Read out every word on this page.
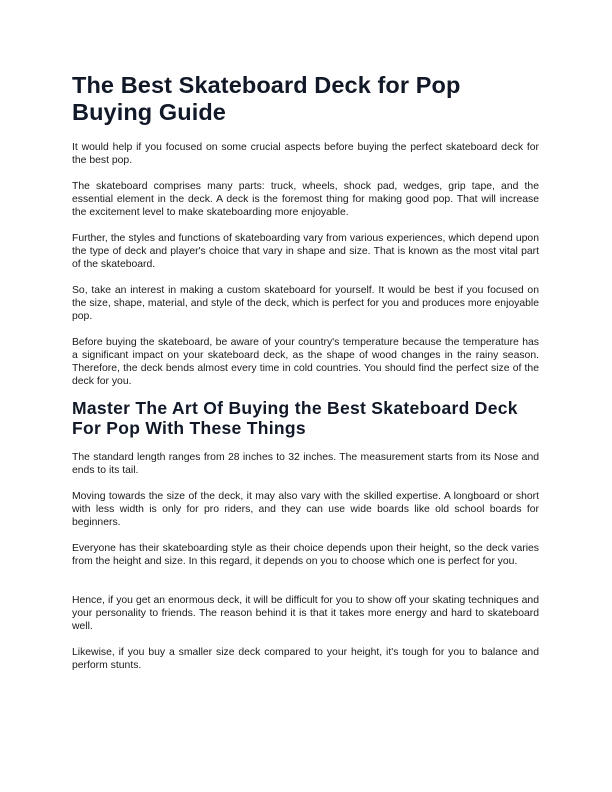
The Best Skateboard Deck for Pop Buying Guide

It would help if you focused on some crucial aspects before buying the perfect skateboard deck for the best pop.

The skateboard comprises many parts: truck, wheels, shock pad, wedges, grip tape, and the essential element in the deck. A deck is the foremost thing for making good pop. That will increase the excitement level to make skateboarding more enjoyable.

Further, the styles and functions of skateboarding vary from various experiences, which depend upon the type of deck and player's choice that vary in shape and size. That is known as the most vital part of the skateboard.

So, take an interest in making a custom skateboard for yourself. It would be best if you focused on the size, shape, material, and style of the deck, which is perfect for you and produces more enjoyable pop.

Before buying the skateboard, be aware of your country's temperature because the temperature has a significant impact on your skateboard deck, as the shape of wood changes in the rainy season. Therefore, the deck bends almost every time in cold countries. You should find the perfect size of the deck for you.

Master The Art Of Buying the Best Skateboard Deck For Pop With These Things

The standard length ranges from 28 inches to 32 inches. The measurement starts from its Nose and ends to its tail.

Moving towards the size of the deck, it may also vary with the skilled expertise. A longboard or short with less width is only for pro riders, and they can use wide boards like old school boards for beginners.

Everyone has their skateboarding style as their choice depends upon their height, so the deck varies from the height and size. In this regard, it depends on you to choose which one is perfect for you.

Hence, if you get an enormous deck, it will be difficult for you to show off your skating techniques and your personality to friends. The reason behind it is that it takes more energy and hard to skateboard well.

Likewise, if you buy a smaller size deck compared to your height, it's tough for you to balance and perform stunts.
